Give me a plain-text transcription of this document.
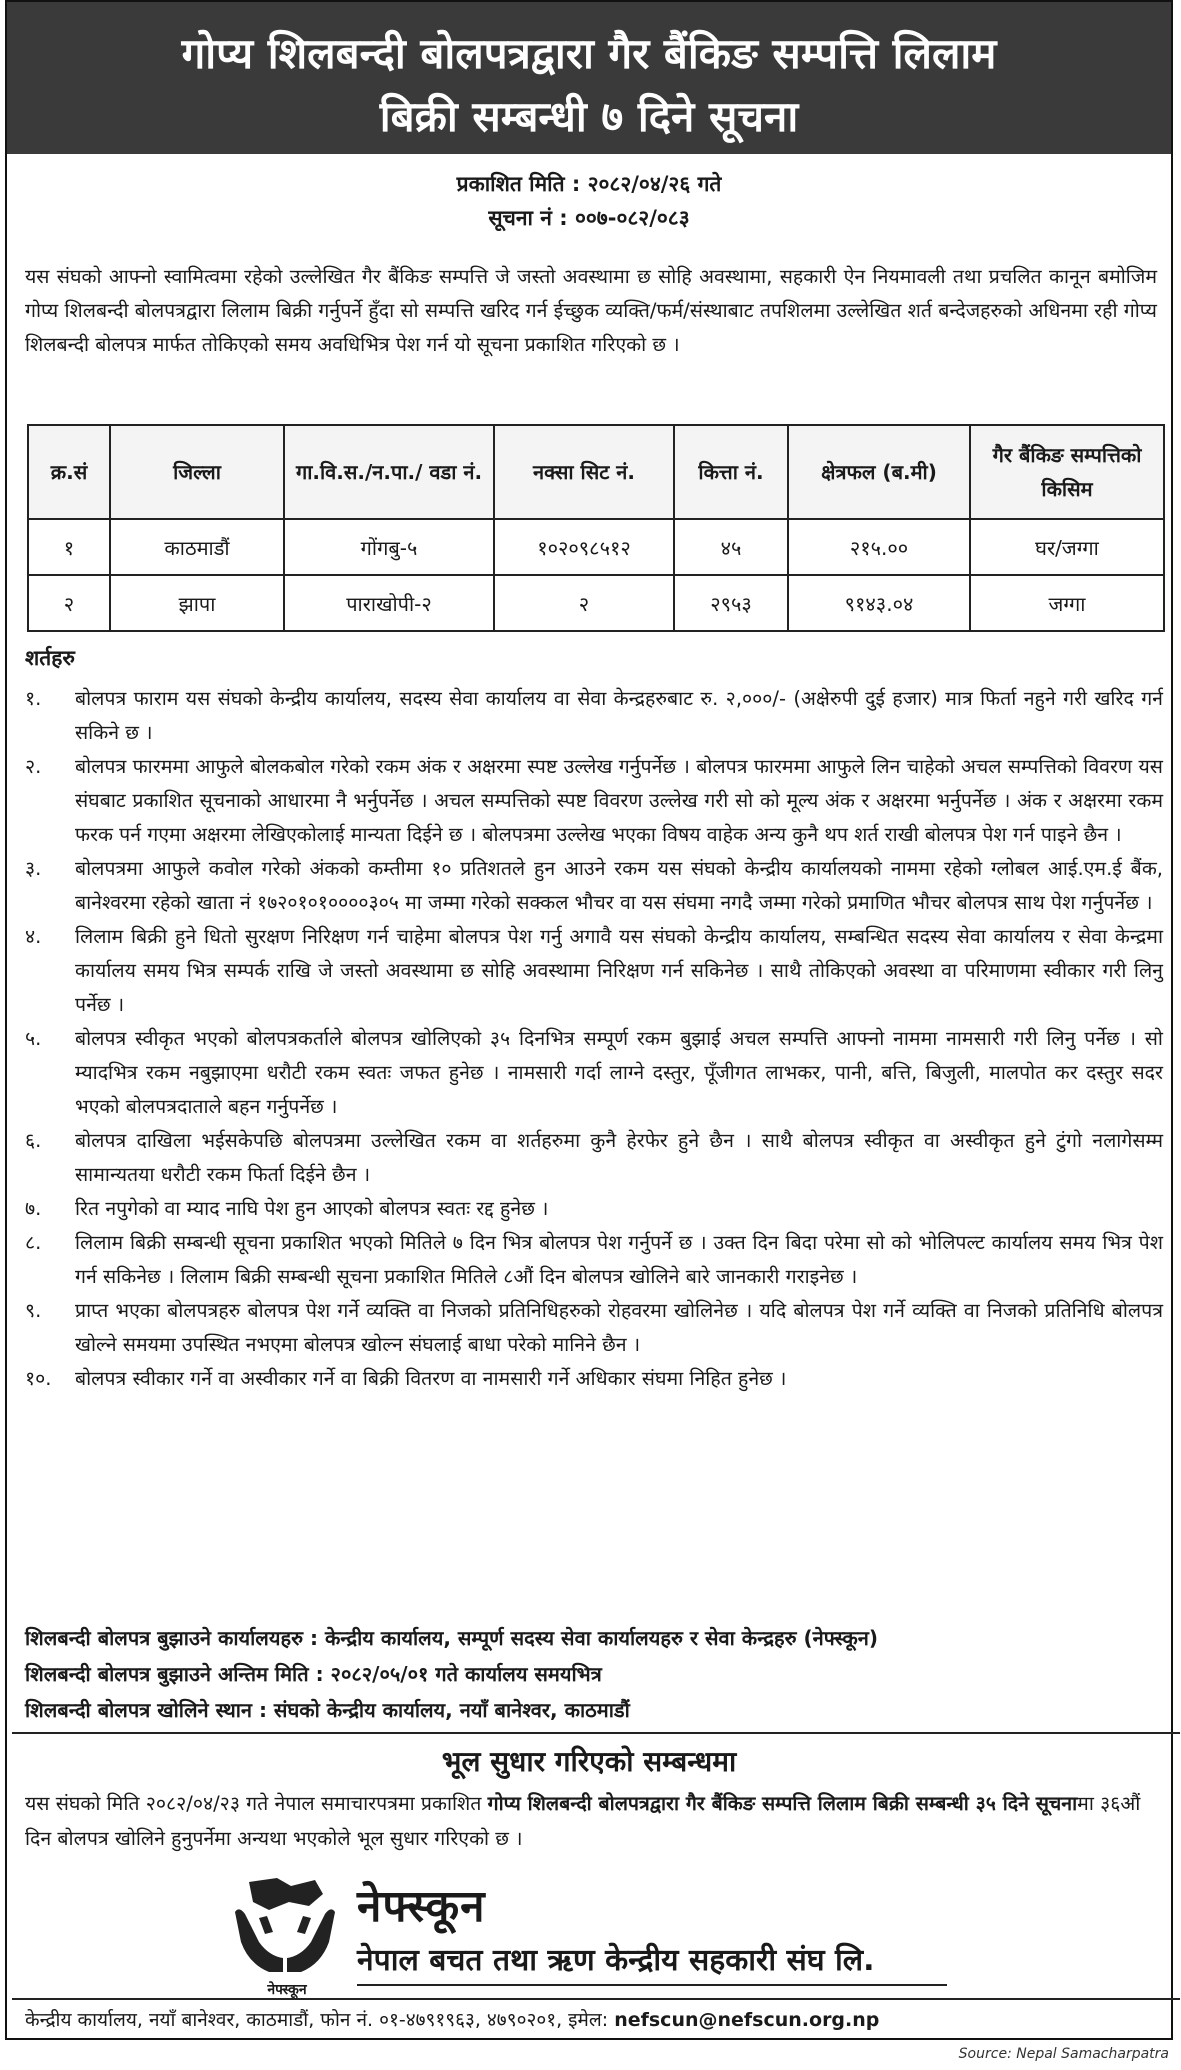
गोप्य शिलबन्दी बोलपत्रद्वारा गैर बैंकिङ सम्पत्ति लिलाम
बिक्री सम्बन्धी ७ दिने सूचना
प्रकाशित मिति : २०८२/०४/२६ गते
सूचना नं : ००७-०८२/०८३
यस संघको आफ्नो स्वामित्वमा रहेको उल्लेखित गैर बैंकिङ सम्पत्ति जे जस्तो अवस्थामा छ सोहि अवस्थामा, सहकारी ऐन नियमावली तथा प्रचलित कानून बमोजिम गोप्य शिलबन्दी बोलपत्रद्वारा लिलाम बिक्री गर्नुपर्ने हुँदा सो सम्पत्ति खरिद गर्न ईच्छुक व्यक्ति/फर्म/संस्थाबाट तपशिलमा उल्लेखित शर्त बन्देजहरुको अधिनमा रही गोप्य शिलबन्दी बोलपत्र मार्फत तोकिएको समय अवधिभित्र पेश गर्न यो सूचना प्रकाशित गरिएको छ ।
क्र.सं	जिल्ला	गा.वि.स./न.पा./ वडा नं.	नक्सा सिट नं.	कित्ता नं.	क्षेत्रफल (ब.मी)	गैर बैंकिङ सम्पत्तिको किसिम
१	काठमाडौं	गोंगबु-५	१०२०९८५१२	४५	२१५.००	घर/जग्गा
२	झापा	पाराखोपी-२	२	२९५३	९१४३.०४	जग्गा
शर्तहरु
१.	बोलपत्र फाराम यस संघको केन्द्रीय कार्यालय, सदस्य सेवा कार्यालय वा सेवा केन्द्रहरुबाट रु. २,०००/- (अक्षेरुपी दुई हजार) मात्र फिर्ता नहुने गरी खरिद गर्न सकिने छ ।
२.	बोलपत्र फारममा आफुले बोलकबोल गरेको रकम अंक र अक्षरमा स्पष्ट उल्लेख गर्नुपर्नेछ । बोलपत्र फारममा आफुले लिन चाहेको अचल सम्पत्तिको विवरण यस संघबाट प्रकाशित सूचनाको आधारमा नै भर्नुपर्नेछ । अचल सम्पत्तिको स्पष्ट विवरण उल्लेख गरी सो को मूल्य अंक र अक्षरमा भर्नुपर्नेछ । अंक र अक्षरमा रकम फरक पर्न गएमा अक्षरमा लेखिएकोलाई मान्यता दिईने छ । बोलपत्रमा उल्लेख भएका विषय वाहेक अन्य कुनै थप शर्त राखी बोलपत्र पेश गर्न पाइने छैन ।
३.	बोलपत्रमा आफुले कवोल गरेको अंकको कम्तीमा १० प्रतिशतले हुन आउने रकम यस संघको केन्द्रीय कार्यालयको नाममा रहेको ग्लोबल आई.एम.ई बैंक, बानेश्वरमा रहेको खाता नं १७२०१०१००००३०५ मा जम्मा गरेको सक्कल भौचर वा यस संघमा नगदै जम्मा गरेको प्रमाणित भौचर बोलपत्र साथ पेश गर्नुपर्नेछ ।
४.	लिलाम बिक्री हुने धितो सुरक्षण निरिक्षण गर्न चाहेमा बोलपत्र पेश गर्नु अगावै यस संघको केन्द्रीय कार्यालय, सम्बन्धित सदस्य सेवा कार्यालय र सेवा केन्द्रमा कार्यालय समय भित्र सम्पर्क राखि जे जस्तो अवस्थामा छ सोहि अवस्थामा निरिक्षण गर्न सकिनेछ । साथै तोकिएको अवस्था वा परिमाणमा स्वीकार गरी लिनु पर्नेछ ।
५.	बोलपत्र स्वीकृत भएको बोलपत्रकर्ताले बोलपत्र खोलिएको ३५ दिनभित्र सम्पूर्ण रकम बुझाई अचल सम्पत्ति आफ्नो नाममा नामसारी गरी लिनु पर्नेछ । सो म्यादभित्र रकम नबुझाएमा धरौटी रकम स्वतः जफत हुनेछ । नामसारी गर्दा लाग्ने दस्तुर, पूँजीगत लाभकर, पानी, बत्ति, बिजुली, मालपोत कर दस्तुर सदर भएको बोलपत्रदाताले बहन गर्नुपर्नेछ ।
६.	बोलपत्र दाखिला भईसकेपछि बोलपत्रमा उल्लेखित रकम वा शर्तहरुमा कुनै हेरफेर हुने छैन । साथै बोलपत्र स्वीकृत वा अस्वीकृत हुने टुंगो नलागेसम्म सामान्यतया धरौटी रकम फिर्ता दिईने छैन ।
७.	रित नपुगेको वा म्याद नाघि पेश हुन आएको बोलपत्र स्वतः रद्द हुनेछ ।
८.	लिलाम बिक्री सम्बन्धी सूचना प्रकाशित भएको मितिले ७ दिन भित्र बोलपत्र पेश गर्नुपर्ने छ । उक्त दिन बिदा परेमा सो को भोलिपल्ट कार्यालय समय भित्र पेश गर्न सकिनेछ । लिलाम बिक्री सम्बन्धी सूचना प्रकाशित मितिले ८औं दिन बोलपत्र खोलिने बारे जानकारी गराइनेछ ।
९.	प्राप्त भएका बोलपत्रहरु बोलपत्र पेश गर्ने व्यक्ति वा निजको प्रतिनिधिहरुको रोहवरमा खोलिनेछ । यदि बोलपत्र पेश गर्ने व्यक्ति वा निजको प्रतिनिधि बोलपत्र खोल्ने समयमा उपस्थित नभएमा बोलपत्र खोल्न संघलाई बाधा परेको मानिने छैन ।
१०.	बोलपत्र स्वीकार गर्ने वा अस्वीकार गर्ने वा बिक्री वितरण वा नामसारी गर्ने अधिकार संघमा निहित हुनेछ ।
शिलबन्दी बोलपत्र बुझाउने कार्यालयहरु : केन्द्रीय कार्यालय, सम्पूर्ण सदस्य सेवा कार्यालयहरु र सेवा केन्द्रहरु (नेफ्स्कून)
शिलबन्दी बोलपत्र बुझाउने अन्तिम मिति : २०८२/०५/०१ गते कार्यालय समयभित्र
शिलबन्दी बोलपत्र खोलिने स्थान : संघको केन्द्रीय कार्यालय, नयाँ बानेश्वर, काठमाडौं
भूल सुधार गरिएको सम्बन्धमा
यस संघको मिति २०८२/०४/२३ गते नेपाल समाचारपत्रमा प्रकाशित गोप्य शिलबन्दी बोलपत्रद्वारा गैर बैंकिङ सम्पत्ति लिलाम बिक्री सम्बन्धी ३५ दिने सूचनामा ३६औं दिन बोलपत्र खोलिने हुनुपर्नेमा अन्यथा भएकोले भूल सुधार गरिएको छ ।
नेफ्स्कून
नेफ्स्कून
नेपाल बचत तथा ऋण केन्द्रीय सहकारी संघ लि.
केन्द्रीय कार्यालय, नयाँ बानेश्वर, काठमाडौं, फोन नं. ०१-४७९१९६३, ४७९०२०१, इमेल: nefscun@nefscun.org.np
Source: Nepal Samacharpatra
